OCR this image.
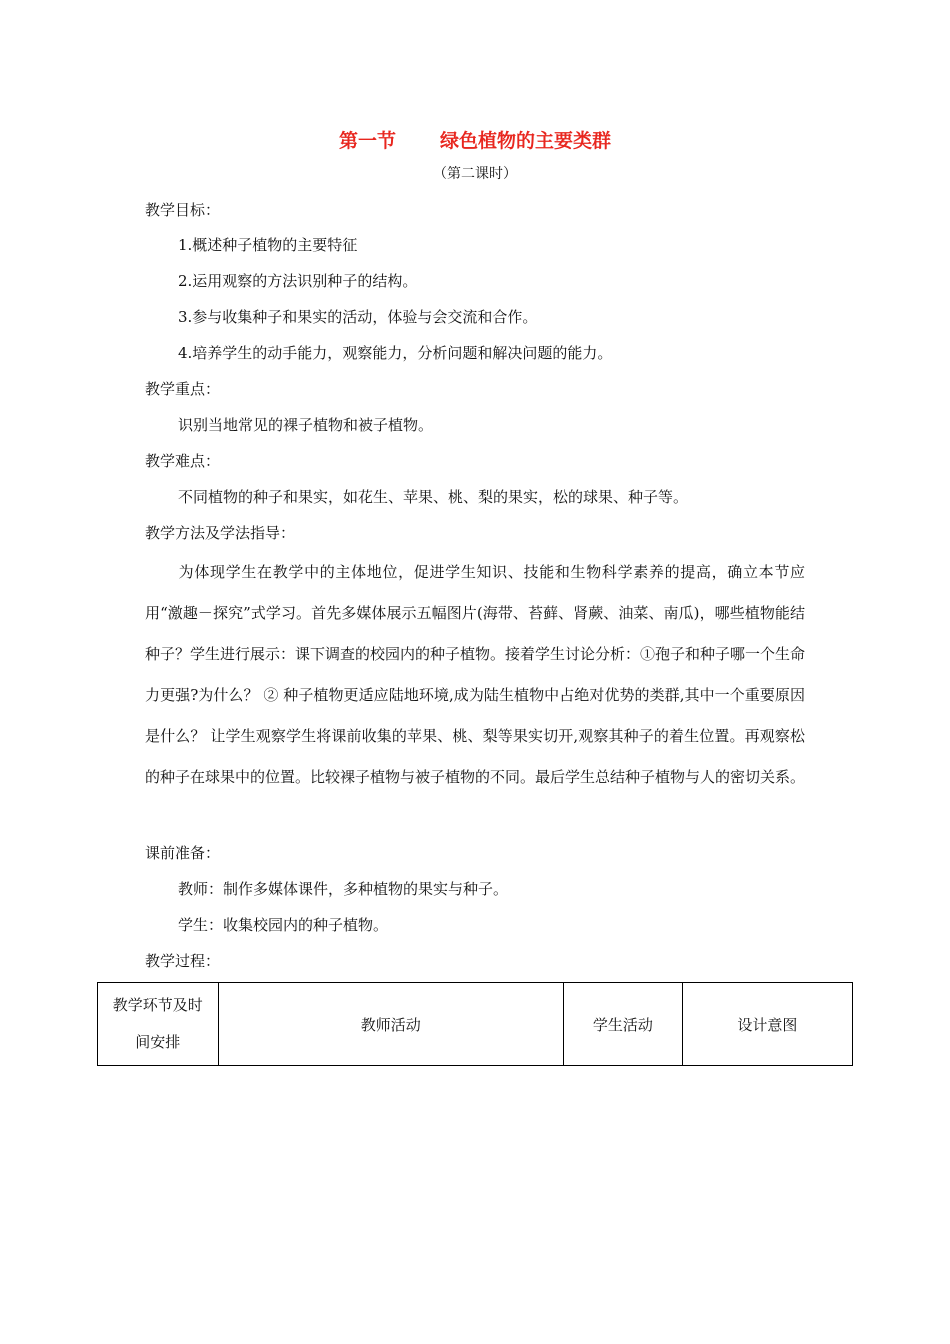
第一节 绿色植物的主要类群
（第二课时）
教学目标：
1.概述种子植物的主要特征
2.运用观察的方法识别种子的结构。
3.参与收集种子和果实的活动，体验与会交流和合作。
4.培养学生的动手能力，观察能力，分析问题和解决问题的能力。
教学重点：
识别当地常见的裸子植物和被子植物。
教学难点：
不同植物的种子和果实，如花生、苹果、桃、梨的果实，松的球果、种子等。
教学方法及学法指导：

为体现学生在教学中的主体地位，促进学生知识、技能和生物科学素养的提高，确立本节应用“激趣－探究”式学习。首先多媒体展示五幅图片(海带、苔藓、肾蕨、油菜、南瓜)，哪些植物能结种子？学生进行展示：课下调查的校园内的种子植物。接着学生讨论分析：①孢子和种子哪一个生命力更强?为什么？ ② 种子植物更适应陆地环境,成为陆生植物中占绝对优势的类群,其中一个重要原因是什么？ 让学生观察学生将课前收集的苹果、桃、梨等果实切开,观察其种子的着生位置。再观察松的种子在球果中的位置。比较裸子植物与被子植物的不同。最后学生总结种子植物与人的密切关系。

课前准备：
教师：制作多媒体课件，多种植物的果实与种子。
学生：收集校园内的种子植物。
教学过程：
教学环节及时
间安排
	教师活动	学生活动	设计意图
